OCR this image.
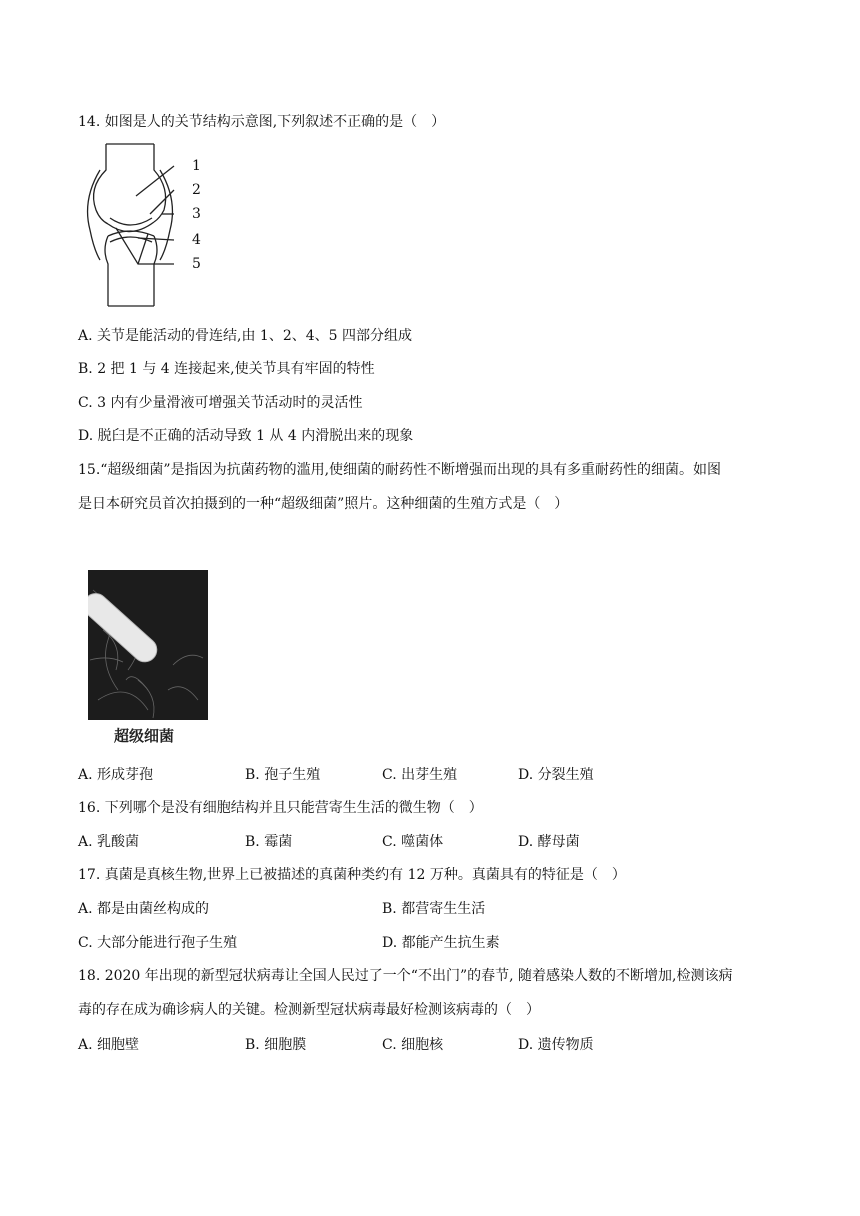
14. 如图是人的关节结构示意图,下列叙述不正确的是（　）
1
2
3
4
5
A. 关节是能活动的骨连结,由 1、2、4、5 四部分组成
B. 2 把 1 与 4 连接起来,使关节具有牢固的特性
C. 3 内有少量滑液可增强关节活动时的灵活性
D. 脱臼是不正确的活动导致 1 从 4 内滑脱出来的现象
15.“超级细菌”是指因为抗菌药物的滥用,使细菌的耐药性不断增强而出现的具有多重耐药性的细菌。如图
是日本研究员首次拍摄到的一种“超级细菌”照片。这种细菌的生殖方式是（　）
超级细菌
A. 形成芽孢	B. 孢子生殖	C. 出芽生殖	D. 分裂生殖
16. 下列哪个是没有细胞结构并且只能营寄生生活的微生物（　）
A. 乳酸菌	B. 霉菌	C. 噬菌体	D. 酵母菌
17. 真菌是真核生物,世界上已被描述的真菌种类约有 12 万种。真菌具有的特征是（　）
A. 都是由菌丝构成的	B. 都营寄生生活
C. 大部分能进行孢子生殖	D. 都能产生抗生素
18. 2020 年出现的新型冠状病毒让全国人民过了一个“不出门”的春节, 随着感染人数的不断增加,检测该病
毒的存在成为确诊病人的关键。检测新型冠状病毒最好检测该病毒的（　）
A. 细胞壁	B. 细胞膜	C. 细胞核	D. 遗传物质
